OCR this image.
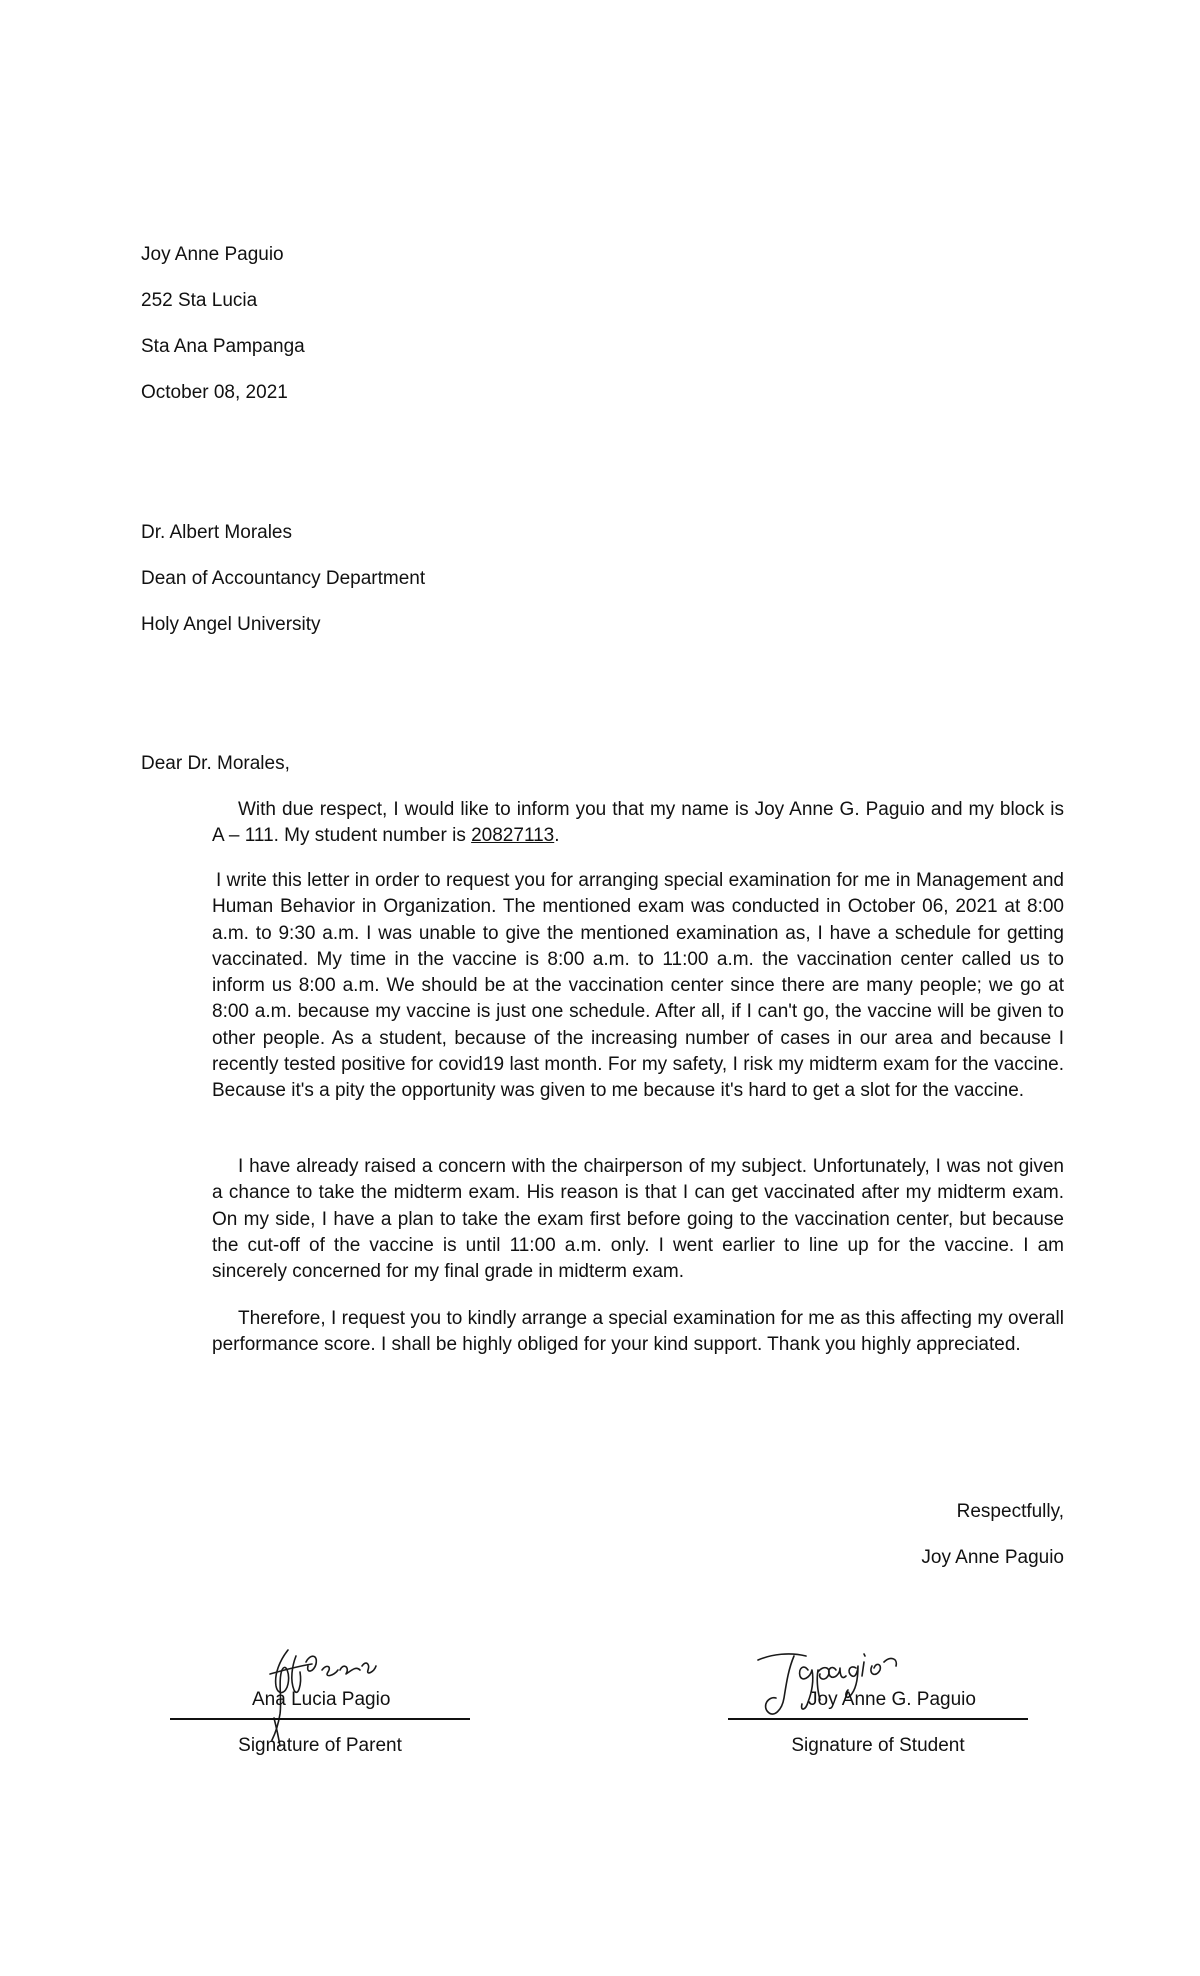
Joy Anne Paguio
252 Sta Lucia
Sta Ana Pampanga
October 08, 2021
Dr. Albert Morales
Dean of Accountancy Department
Holy Angel University
Dear Dr. Morales,

With due respect, I would like to inform you that my name is Joy Anne G. Paguio and my block is A – 111. My student number is 20827113.

I write this letter in order to request you for arranging special examination for me in Management and Human Behavior in Organization. The mentioned exam was conducted in October 06, 2021 at 8:00 a.m. to 9:30 a.m. I was unable to give the mentioned examination as, I have a schedule for getting vaccinated. My time in the vaccine is 8:00 a.m. to 11:00 a.m. the vaccination center called us to inform us 8:00 a.m. We should be at the vaccination center since there are many people; we go at 8:00 a.m. because my vaccine is just one schedule. After all, if I can't go, the vaccine will be given to other people. As a student, because of the increasing number of cases in our area and because I recently tested positive for covid19 last month. For my safety, I risk my midterm exam for the vaccine. Because it's a pity the opportunity was given to me because it's hard to get a slot for the vaccine.

I have already raised a concern with the chairperson of my subject. Unfortunately, I was not given a chance to take the midterm exam. His reason is that I can get vaccinated after my midterm exam. On my side, I have a plan to take the exam first before going to the vaccination center, but because the cut-off of the vaccine is until 11:00 a.m. only. I went earlier to line up for the vaccine. I am sincerely concerned for my final grade in midterm exam.

Therefore, I request you to kindly arrange a special examination for me as this affecting my overall performance score. I shall be highly obliged for your kind support. Thank you highly appreciated.

Respectfully,
Joy Anne Paguio
Ana Lucia Pagio
Signature of Parent
Joy Anne G. Paguio
Signature of Student
